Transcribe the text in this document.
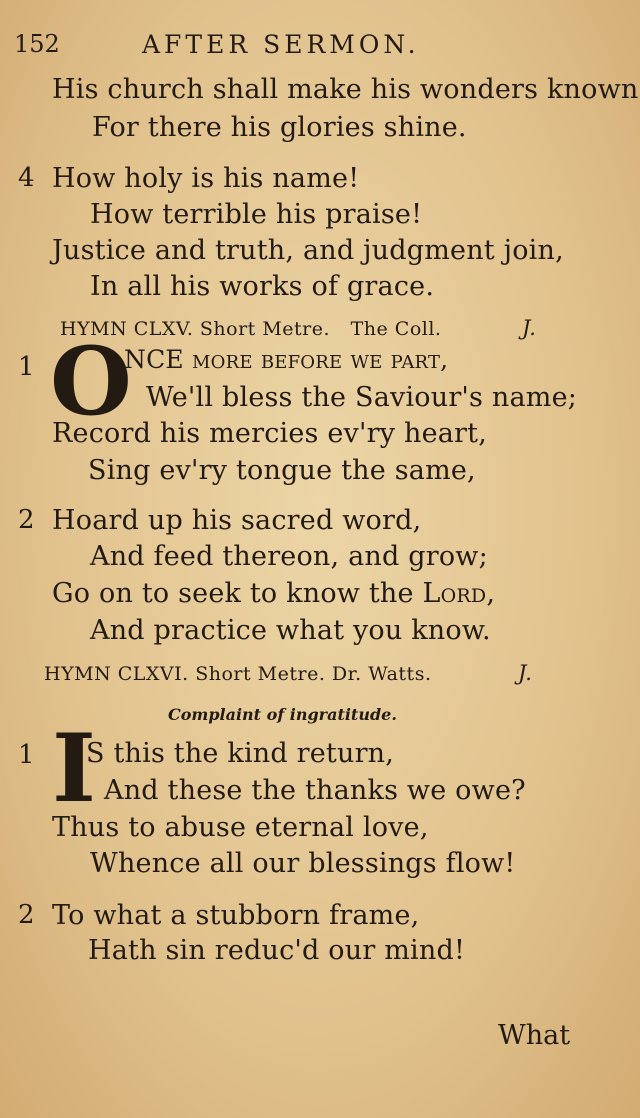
152	AFTER SERMON.
His church shall make his wonders known
For there his glories shine.
4 How holy is his name!
How terrible his praise!
Justice and truth, and judgment join,
In all his works of grace.
HYMN CLXV. Short Metre. The Coll.	J.
1 O
NCE more before we part,
We'll bless the Saviour's name;
Record his mercies ev'ry heart,
Sing ev'ry tongue the same,
2 Hoard up his sacred word,
And feed thereon, and grow;
Go on to seek to know the Lord,
And practice what you know.
HYMN CLXVI. Short Metre. Dr. Watts.	J.
Complaint of ingratitude.
1 I
S this the kind return,
And these the thanks we owe?
Thus to abuse eternal love,
Whence all our blessings flow!
2 To what a stubborn frame,
Hath sin reduc'd our mind!
What
